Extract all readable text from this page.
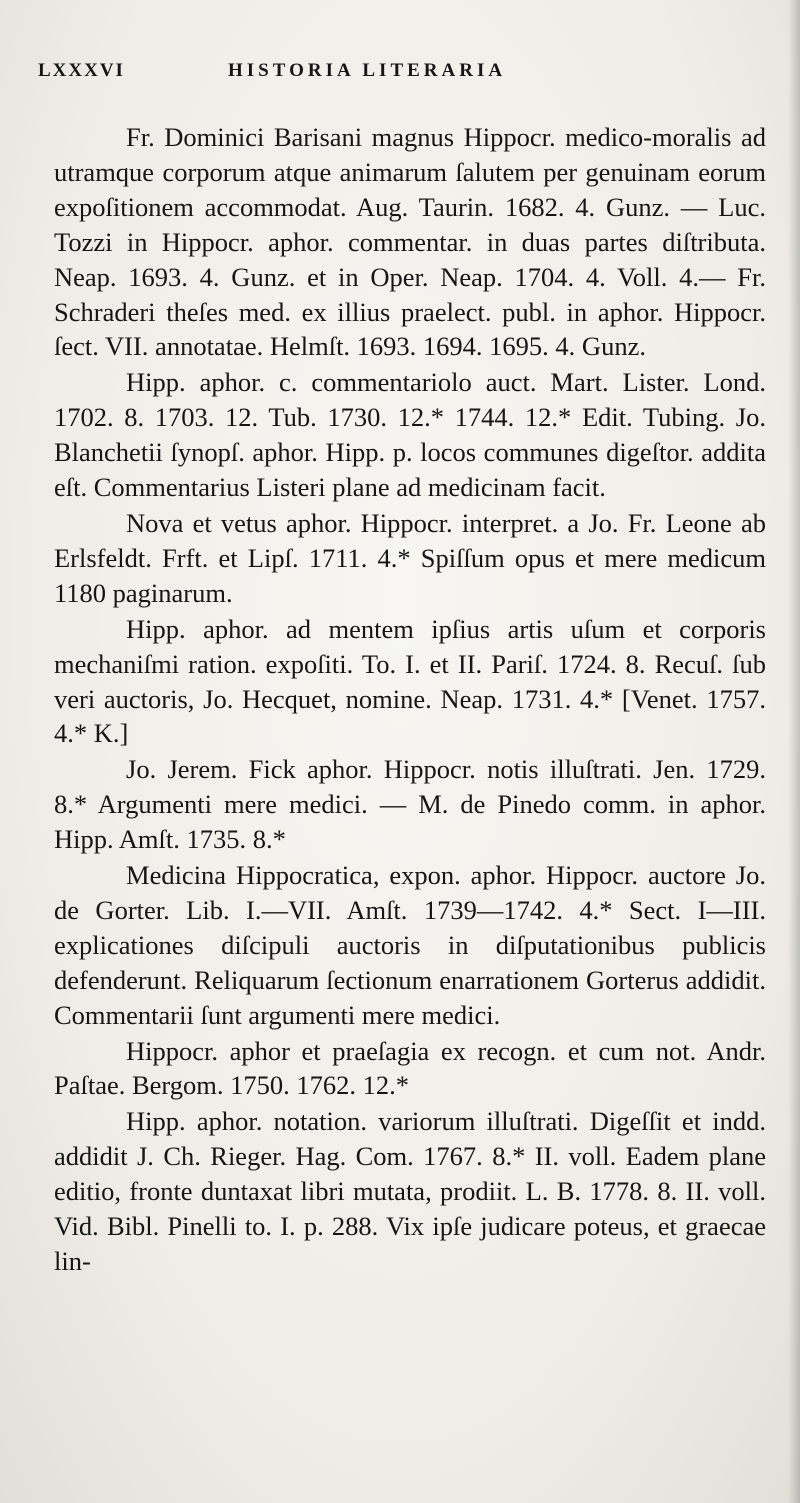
LXXXVI	HISTORIA LITERARIA

Fr. Dominici Barisani magnus Hippocr. medico-moralis ad utramque corporum atque animarum ſalutem per genuinam eorum expoſitionem accommodat. Aug. Taurin. 1682. 4. Gunz. — Luc. Tozzi in Hippocr. aphor. commentar. in duas partes diſtributa. Neap. 1693. 4. Gunz. et in Oper. Neap. 1704. 4. Voll. 4.— Fr. Schraderi theſes med. ex illius praelect. publ. in aphor. Hippocr. ſect. VII. annotatae. Helmſt. 1693. 1694. 1695. 4. Gunz.

Hipp. aphor. c. commentariolo auct. Mart. Lister. Lond. 1702. 8. 1703. 12. Tub. 1730. 12.* 1744. 12.* Edit. Tubing. Jo. Blanchetii ſynopſ. aphor. Hipp. p. locos communes digeſtor. addita eſt. Commentarius Listeri plane ad medicinam facit.

Nova et vetus aphor. Hippocr. interpret. a Jo. Fr. Leone ab Erlsfeldt. Frft. et Lipſ. 1711. 4.* Spiſſum opus et mere medicum 1180 paginarum.

Hipp. aphor. ad mentem ipſius artis uſum et corporis mechaniſmi ration. expoſiti. To. I. et II. Pariſ. 1724. 8. Recuſ. ſub veri auctoris, Jo. Hecquet, nomine. Neap. 1731. 4.* [Venet. 1757. 4.* K.]

Jo. Jerem. Fick aphor. Hippocr. notis illuſtrati. Jen. 1729. 8.* Argumenti mere medici. — M. de Pinedo comm. in aphor. Hipp. Amſt. 1735. 8.*

Medicina Hippocratica, expon. aphor. Hippocr. auctore Jo. de Gorter. Lib. I.—VII. Amſt. 1739—1742. 4.* Sect. I—III. explicationes diſcipuli auctoris in diſputationibus publicis defenderunt. Reliquarum ſectionum enarrationem Gorterus addidit. Commentarii ſunt argumenti mere medici.

Hippocr. aphor et praeſagia ex recogn. et cum not. Andr. Paſtae. Bergom. 1750. 1762. 12.*

Hipp. aphor. notation. variorum illuſtrati. Digeſſit et indd. addidit J. Ch. Rieger. Hag. Com. 1767. 8.* II. voll. Eadem plane editio, fronte duntaxat libri mutata, prodiit. L. B. 1778. 8. II. voll. Vid. Bibl. Pinelli to. I. p. 288. Vix ipſe judicare poteus, et graecae lin-
